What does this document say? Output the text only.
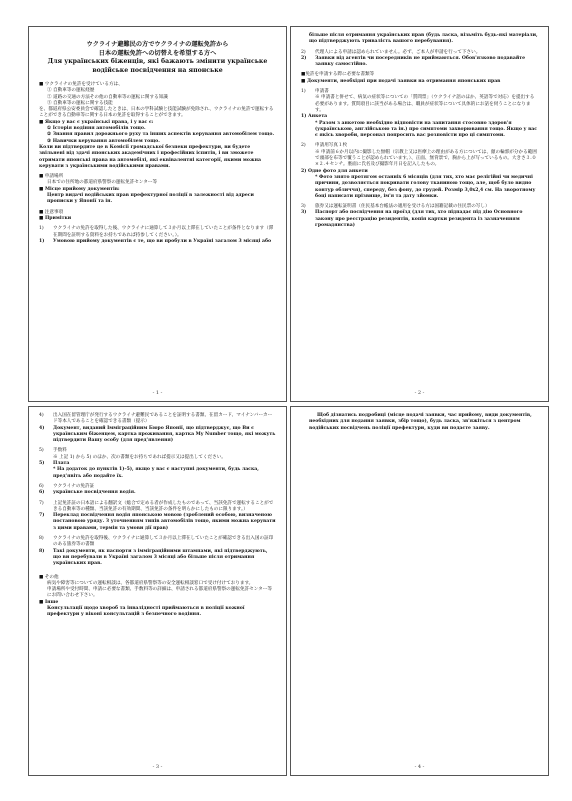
ウクライナ避難民の方でウクライナの運転免許から
日本の運転免許への切替えを希望する方へ
Для українських біженців, які бажають змінити українське
водійське посвідчення на японське
■ ウクライナの免許を受けている方は、
① 自動車等の運転経歴
② 道路の交通の方法その他の自動車等の運転に関する知識
③ 自動車等の運転に関する技能
を、都道府県公安委員会で確認したときは、日本の学科試験と技能試験が免除され、ウクライナの免許で運転することができる自動車等に関する日本の免許を取得することができます。
■ Якщо у вас є українські права, і у вас є:
① Історія водіння автомобілів тощо.
② Знання правил дорожнього руху та інших аспектів керування автомобілем тощо.
③ Навички керування автомобілем тощо.
Коли ви підтвердите це в Комісії громадської безпеки префектури, ви будете звільнені від здачі японських академічних і професійних іспитів, і ви зможете отримати японські права на автомобілі, які еквівалентні категорії, якими можна керувати з українськими водійськими правами.
■ 申請場所
日本での住所地の都道府県警察の運転免許センター等
■ Місце прийому документів:
Центр видачі водійських прав префектурної поліції в залежності від адреси прописки у Японії та ін.
■ 注意事項
■ Примітки
1)	ウクライナの免許を取得した後、ウクライナに通算して３か月以上滞在していたことが条件となります（滞在期間を証明する資料をお持ちであれば持参してください。）。
1)	Умовою прийому документів є те, що ви пробули в Україні загалом 3 місяці або
- 1 -
більше після отримання українських прав (будь ласка, візьміть будь-які матеріали, що підтверджують тривалість вашого перебування).
2)	代理人による申請は認められていません。必ず、ご本人が申請を行って下さい。
2)	Заявки від агентів чи посередників не приймаються. Обов'язково подавайте заявку самостійно.
■免許を申請する際に必要な書類等
■ Документи, необхідні при подачі заявки на отримання японських прав
1)	申請書
※ 申請書と併せて、病気の症状等についての「質問票」（ウクライナ語のほか、英語等で対応）を提出する必要があります。質問項目に該当がある場合は、職員が症状等について具体的にお話を伺うことになります。
1) Анкета
* Разом з анкетою необхідно відповісти на запитання стосовно здоров'я (українською, англійською та ін.) про симптоми захворювання тощо. Якщо у вас є якісь хвороби, персонал попросить вас розповісти про ці симптоми.
2)	申請用写真１枚
※ 申請前６か月以内に撮影した無帽（宗教上又は医療上の理由がある方については、顔の輪郭が分かる範囲で頭部を布等で覆うことが認められています。）、正面、無背景で、胸から上が写っているもの。大きさ３.０×２.４センチ。裏面に氏名及び撮影年月日を記入したもの。
2) Одне фото для анкети
* Фото знято протягом останніх 6 місяців (для тих, хто має релігійні чи медичні причини, дозволяється покривати голову тканиною тощо, але, щоб було видно контур обличчя), спереду, без фону, до грудей. Розмір 3,0х2,4 см. На зворотному боці написати прізвище, ім'я та дату зйомки.
3)	旅券又は運転証明書（住民基本台帳法の適用を受ける方は国籍記載の住民票の写し）
3)	Паспорт або посвідчення на проїзд (для тих, хто підпадає під дію Основного закону про реєстрацію резидентів, копія картки резидента із зазначенням громадянства)
- 2 -
4)	出入国在留管理庁が発行するウクライナ避難民であることを証明する書類、在留カード、マイナンバーカード等本人であることを確認できる書類（提示）
4)	Документ, виданий Імміграційним Бюро Японії, що підтверджує, що Ви є українським біженцем, картка проживання, картка My Number тощо, які можуть підтвердити Вашу особу (для пред'явлення)
5)	手数料
※ 上記 1) から 5) のほか、次の書類をお持ちであれば提示又は提出してください。
5)	Плата
* На додаток до пунктів 1)–5), якщо у вас є наступні документи, будь ласка, пред'явіть або подайте їх.
6)	ウクライナの免許証
6)	українське посвідчення водія.
7)	上記免許証の日本語による翻訳文（総合で定める者が作成したものであって、当該免許で運転することができる自動車等の種類、当該免許の有効期間、当該免許の条件を明らかにしたものに限ります。）
7)	Переклад посвідчення водія японською мовою (зроблений особою, визначеною постановою уряду. З уточненням типів автомобілів тощо, якими можна керувати з цими правами, термін та умови дії прав)
8)	ウクライナの免許を取得後、ウクライナに通算して３か月以上滞在していたことが確認できる出入国の証印のある旅券等の書類
8)	Такі документи, як паспорти з імміграційними штампами, які підтверджують, що ви перебували в Україні загалом 3 місяці або більше після отримання українських прав.
■ その他
病気や障害等についての運転相談は、各都道府県警察等の安全運転相談窓口で受け付けております。
申請場所や受付時間、申請に必要な書類、手数料等の詳細は、申請される都道府県警察の運転免許センター等にお問い合わせ下さい。
■ Інше
Консультації щодо хвороб та інвалідності приймаються в поліції кожної префектури у віконі консультацій з безпечного водіння.
- 3 -
Щоб дізнатись подробиці (місце подачі заявки, час прийому, види документів, необхідних для подання заявки, збір тощо), будь ласка, зв'яжіться з центром водійських посвідчень поліції префектури, куди ви подаєте заяву.
- 4 -
